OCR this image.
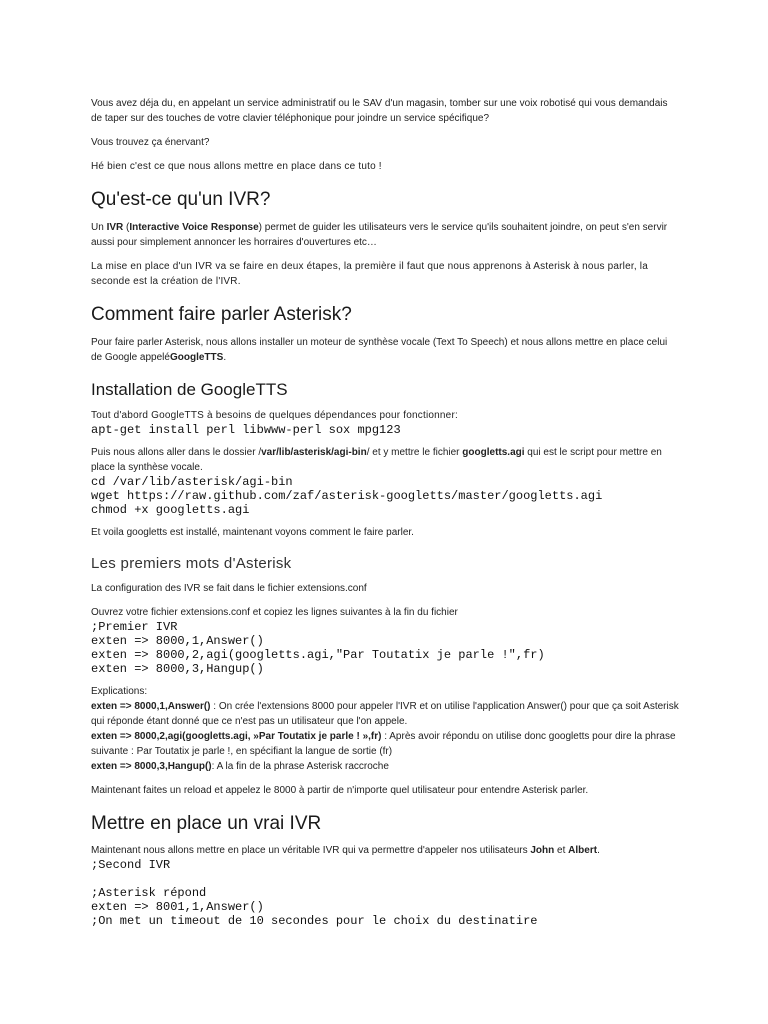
Vous avez déja du, en appelant un service administratif ou le SAV d'un magasin, tomber sur une voix robotisé qui vous demandais de taper sur des touches de votre clavier téléphonique pour joindre un service spécifique?

Vous trouvez ça énervant?

Hé bien c'est ce que nous allons mettre en place dans ce tuto !

Qu'est-ce qu'un IVR?

Un IVR (Interactive Voice Response) permet de guider les utilisateurs vers le service qu'ils souhaitent joindre, on peut s'en servir aussi pour simplement annoncer les horraires d'ouvertures etc…

La mise en place d'un IVR va se faire en deux étapes, la première il faut que nous apprenons à Asterisk à nous parler, la seconde est la création de l'IVR.

Comment faire parler Asterisk?

Pour faire parler Asterisk, nous allons installer un moteur de synthèse vocale (Text To Speech) et nous allons mettre en place celui de Google appeléGoogleTTS.

Installation de GoogleTTS

Tout d'abord GoogleTTS à besoins de quelques dépendances pour fonctionner:

apt-get install perl libwww-perl sox mpg123

Puis nous allons aller dans le dossier /var/lib/asterisk/agi-bin/ et y mettre le fichier googletts.agi qui est le script pour mettre en place la synthèse vocale.

cd /var/lib/asterisk/agi-bin
wget https://raw.github.com/zaf/asterisk-googletts/master/googletts.agi
chmod +x googletts.agi

Et voila googletts est installé, maintenant voyons comment le faire parler.

Les premiers mots d'Asterisk

La configuration des IVR se fait dans le fichier extensions.conf

Ouvrez votre fichier extensions.conf et copiez les lignes suivantes à la fin du fichier

;Premier IVR
exten => 8000,1,Answer()
exten => 8000,2,agi(googletts.agi,"Par Toutatix je parle !",fr)
exten => 8000,3,Hangup()

Explications:

exten => 8000,1,Answer() : On crée l'extensions 8000 pour appeler l'IVR et on utilise l'application Answer() pour que ça soit Asterisk qui réponde étant donné que ce n'est pas un utilisateur que l'on appele.

exten => 8000,2,agi(googletts.agi, »Par Toutatix je parle ! »,fr) : Après avoir répondu on utilise donc googletts pour dire la phrase suivante : Par Toutatix je parle !, en spécifiant la langue de sortie (fr)

exten => 8000,3,Hangup(): A la fin de la phrase Asterisk raccroche

Maintenant faites un reload et appelez le 8000 à partir de n'importe quel utilisateur pour entendre Asterisk parler.

Mettre en place un vrai IVR

Maintenant nous allons mettre en place un véritable IVR qui va permettre d'appeler nos utilisateurs John et Albert.

;Second IVR
;Asterisk répond
exten => 8001,1,Answer()
;On met un timeout de 10 secondes pour le choix du destinatire
